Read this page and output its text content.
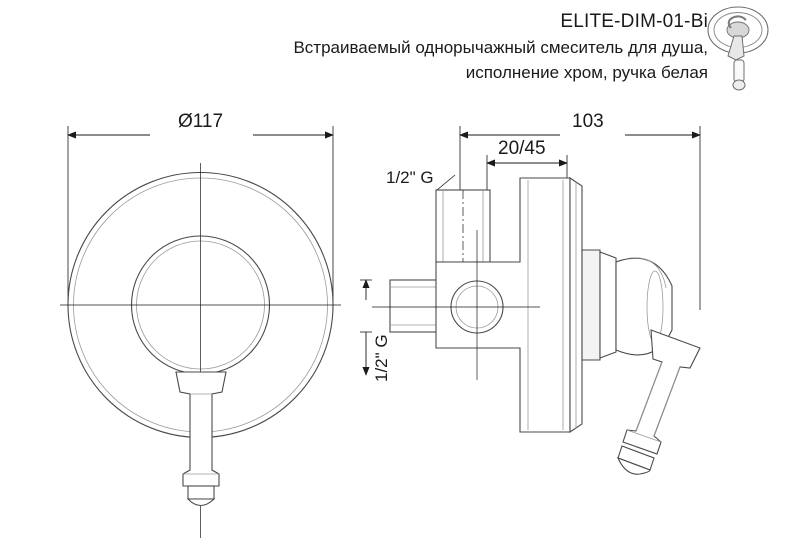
ELITE-DIM-01-Bi
Встраиваемый однорычажный смеситель для душа,
исполнение хром, ручка белая
Ø117	103
20/45
1/2" G
1/2" G
